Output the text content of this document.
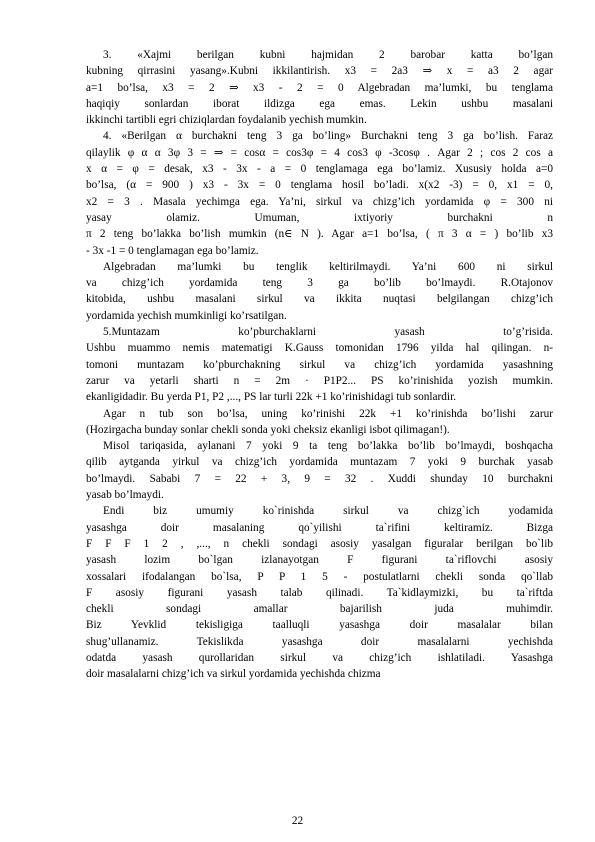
3. «Xajmi berilgan kubni hajmidan 2 barobar katta bo’lgan
kubning qirrasini yasang».Kubni ikkilantirish. x3 = 2a3 ⇒ x = a3 2 agar
a=1 bo’lsa, x3 = 2 ⇒ x3 - 2 = 0 Algebradan ma’lumki, bu tenglama
haqiqiy sonlardan iborat ildizga ega emas. Lekin ushbu masalani
ikkinchi tartibli egri chiziqlardan foydalanib yechish mumkin.
4. «Berilgan α burchakni teng 3 ga bo’ling» Burchakni teng 3 ga bo’lish. Faraz
qilaylik φ α α 3φ 3 = ⇒ = cosα = cos3φ = 4 cos3 φ -3cosφ . Agar 2 ; cos 2 cos a
x α = φ = desak, x3 - 3x - a = 0 tenglamaga ega bo’lamiz. Xususiy holda a=0
bo’lsa, (α = 900 ) x3 - 3x = 0 tenglama hosil bo’ladi. x(x2 -3) = 0, x1 = 0,
x2 = 3 . Masala yechimga ega. Ya’ni, sirkul va chizg’ich yordamida φ = 300 ni
yasay olamiz. Umuman, ixtiyoriy burchakni n
π 2 teng bo’lakka bo’lish mumkin (n∈ N ). Agar a=1 bo’lsa, ( π 3 α = ) bo’lib x3
- 3x -1 = 0 tenglamagan ega bo’lamiz.
Algebradan ma’lumki bu tenglik keltirilmaydi. Ya’ni 600 ni sirkul
va chizg’ich yordamida teng 3 ga bo’lib bo’lmaydi. R.Otajonov
kitobida, ushbu masalani sirkul va ikkita nuqtasi belgilangan chizg’ich
yordamida yechish mumkinligi ko’rsatilgan.
5.Muntazam ko’pburchaklarni yasash to’g’risida.
Ushbu muammo nemis matematigi K.Gauss tomonidan 1796 yilda hal qilingan. n-
tomoni muntazam ko’pburchakning sirkul va chizg’ich yordamida yasashning
zarur va yetarli sharti n = 2m · P1P2... PS ko’rinishida yozish mumkin.
ekanligidadir. Bu yerda P1, P2 ,..., PS lar turli 22k +1 ko’rinishidagi tub sonlardir.
Agar n tub son bo’lsa, uning ko’rinishi 22k +1 ko’rinishda bo’lishi zarur
(Hozirgacha bunday sonlar chekli sonda yoki cheksiz ekanligi isbot qilimagan!).
Misol tariqasida, aylanani 7 yoki 9 ta teng bo’lakka bo’lib bo’lmaydi, boshqacha
qilib aytganda yirkul va chizg’ich yordamida muntazam 7 yoki 9 burchak yasab
bo’lmaydi. Sababi 7 = 22 + 3, 9 = 32 . Xuddi shunday 10 burchakni
yasab bo’lmaydi.
Endi biz umumiy ko`rinishda sirkul va chizg`ich yodamida
yasashga doir masalaning qo`yilishi ta`rifini keltiramiz. Bizga
F F F 1 2 , ,..., n chekli sondagi asosiy yasalgan figuralar berilgan bo`lib
yasash lozim bo`lgan izlanayotgan F figurani ta`riflovchi asosiy
xossalari ifodalangan bo`lsa, P P 1 5 - postulatlarni chekli sonda qo`llab
F asosiy figurani yasash talab qilinadi. Ta`kidlaymizki, bu ta`riftda
chekli sondagi amallar bajarilish juda muhimdir.
Biz Yevklid tekisligiga taalluqli yasashga doir masalalar bilan
shug’ullanamiz. Tekislikda yasashga doir masalalarni yechishda
odatda yasash qurollaridan sirkul va chizg’ich ishlatiladi. Yasashga
doir masalalarni chizg’ich va sirkul yordamida yechishda chizma
22
